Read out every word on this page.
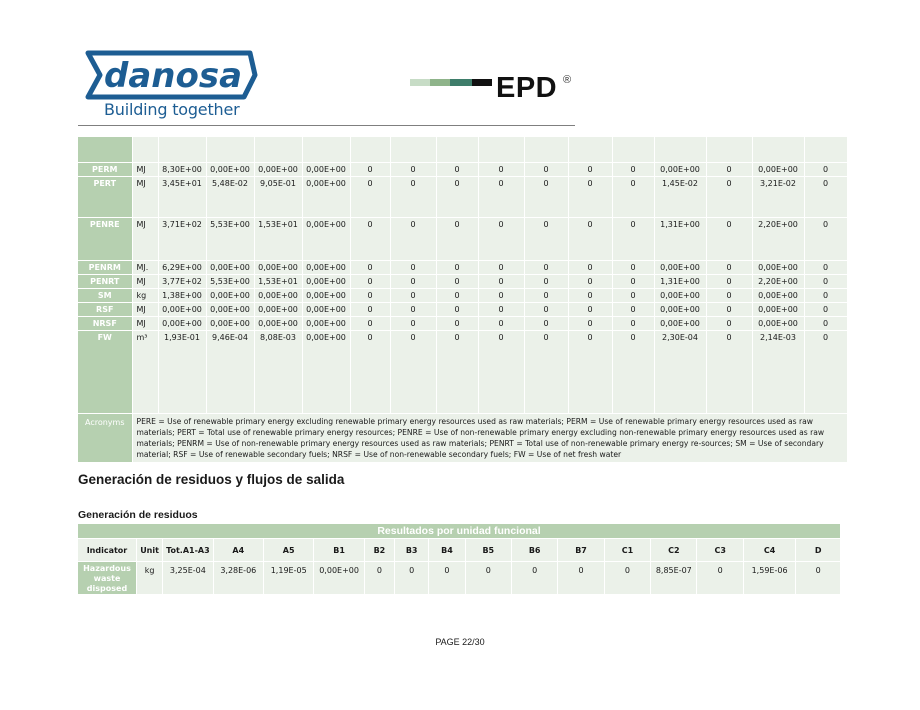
danosa
Building together
EPD ®

PERM	MJ	8,30E+00	0,00E+00	0,00E+00	0,00E+00	0	0	0	0	0	0	0	0,00E+00	0	0,00E+00	0
PERT	MJ	3,45E+01	5,48E-02	9,05E-01	0,00E+00	0	0	0	0	0	0	0	1,45E-02	0	3,21E-02	0
PENRE	MJ	3,71E+02	5,53E+00	1,53E+01	0,00E+00	0	0	0	0	0	0	0	1,31E+00	0	2,20E+00	0
PENRM	MJ.	6,29E+00	0,00E+00	0,00E+00	0,00E+00	0	0	0	0	0	0	0	0,00E+00	0	0,00E+00	0
PENRT	MJ	3,77E+02	5,53E+00	1,53E+01	0,00E+00	0	0	0	0	0	0	0	1,31E+00	0	2,20E+00	0
SM	kg	1,38E+00	0,00E+00	0,00E+00	0,00E+00	0	0	0	0	0	0	0	0,00E+00	0	0,00E+00	0
RSF	MJ	0,00E+00	0,00E+00	0,00E+00	0,00E+00	0	0	0	0	0	0	0	0,00E+00	0	0,00E+00	0
NRSF	MJ	0,00E+00	0,00E+00	0,00E+00	0,00E+00	0	0	0	0	0	0	0	0,00E+00	0	0,00E+00	0
FW	m³	1,93E-01	9,46E-04	8,08E-03	0,00E+00	0	0	0	0	0	0	0	2,30E-04	0	2,14E-03	0
Acronyms	PERE = Use of renewable primary energy excluding renewable primary energy resources used as raw materials; PERM = Use of renewable primary energy resources used as raw materials; PERT = Total use of renewable primary energy resources; PENRE = Use of non-renewable primary energy excluding non-renewable primary energy resources used as raw materials; PENRM = Use of non-renewable primary energy resources used as raw materials; PENRT = Total use of non-renewable primary energy re-sources; SM = Use of secondary material; RSF = Use of renewable secondary fuels; NRSF = Use of non-renewable secondary fuels; FW = Use of net fresh water															
Generación de residuos y flujos de salida
Generación de residuos
Resultados por unidad funcional																
Indicator	Unit	Tot.A1-A3	A4	A5	B1	B2	B3	B4	B5	B6	B7	C1	C2	C3	C4	D
Hazardous waste disposed	kg	3,25E-04	3,28E-06	1,19E-05	0,00E+00	0	0	0	0	0	0	0	8,85E-07	0	1,59E-06	0
PAGE 22/30
